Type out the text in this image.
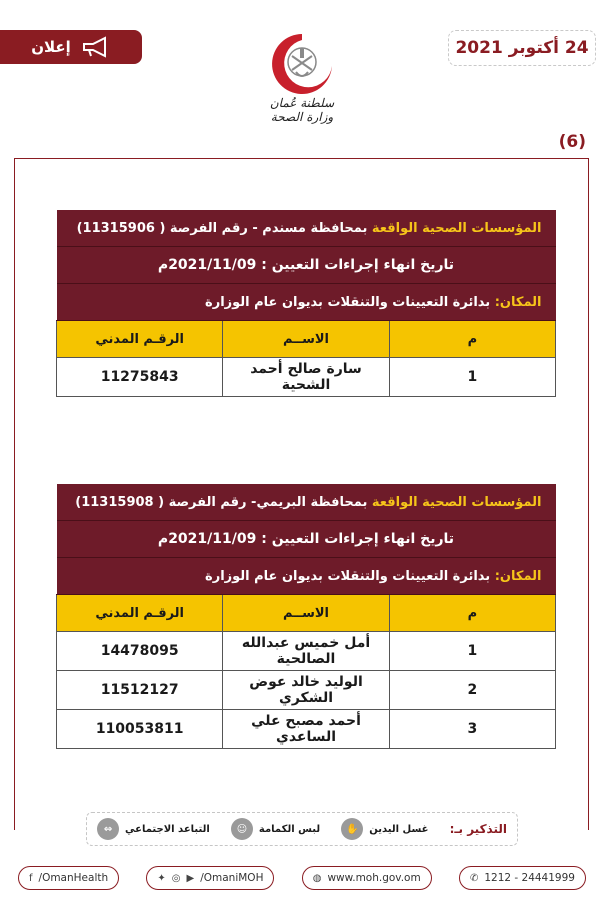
إعلان	24 أكتوبر 2021
سلطنة عُمان
وزارة الصحة
(6)
المؤسسات الصحية الواقعة بمحافظة مسندم - رقم الفرصة ( 11315906)		
تاريخ انهاء إجراءات التعيين : 2021/11/09م		
المكان: بدائرة التعيينات والتنقلات بديوان عام الوزارة		
م	الاســم	الرقـم المدني
1	سارة صالح أحمد الشحية	11275843
المؤسسات الصحية الواقعة بمحافظة البريمي- رقم الفرصة ( 11315908)		
تاريخ انهاء إجراءات التعيين : 2021/11/09م		
المكان: بدائرة التعيينات والتنقلات بديوان عام الوزارة		
م	الاســم	الرقـم المدني
1	أمل خميس عبدالله الصالحية	14478095
2	الوليد خالد عوض الشكري	11512127
3	أحمد مصبح علي الساعدي	110053811
التذكير بـ:
غسل اليدين
✋
لبس الكمامة
☺
التباعد الاجتماعي
⇔
f /OmanHealth	✦ ◎ ▶ /OmaniMOH	◍ www.moh.gov.om	✆ 1212 - 24441999
